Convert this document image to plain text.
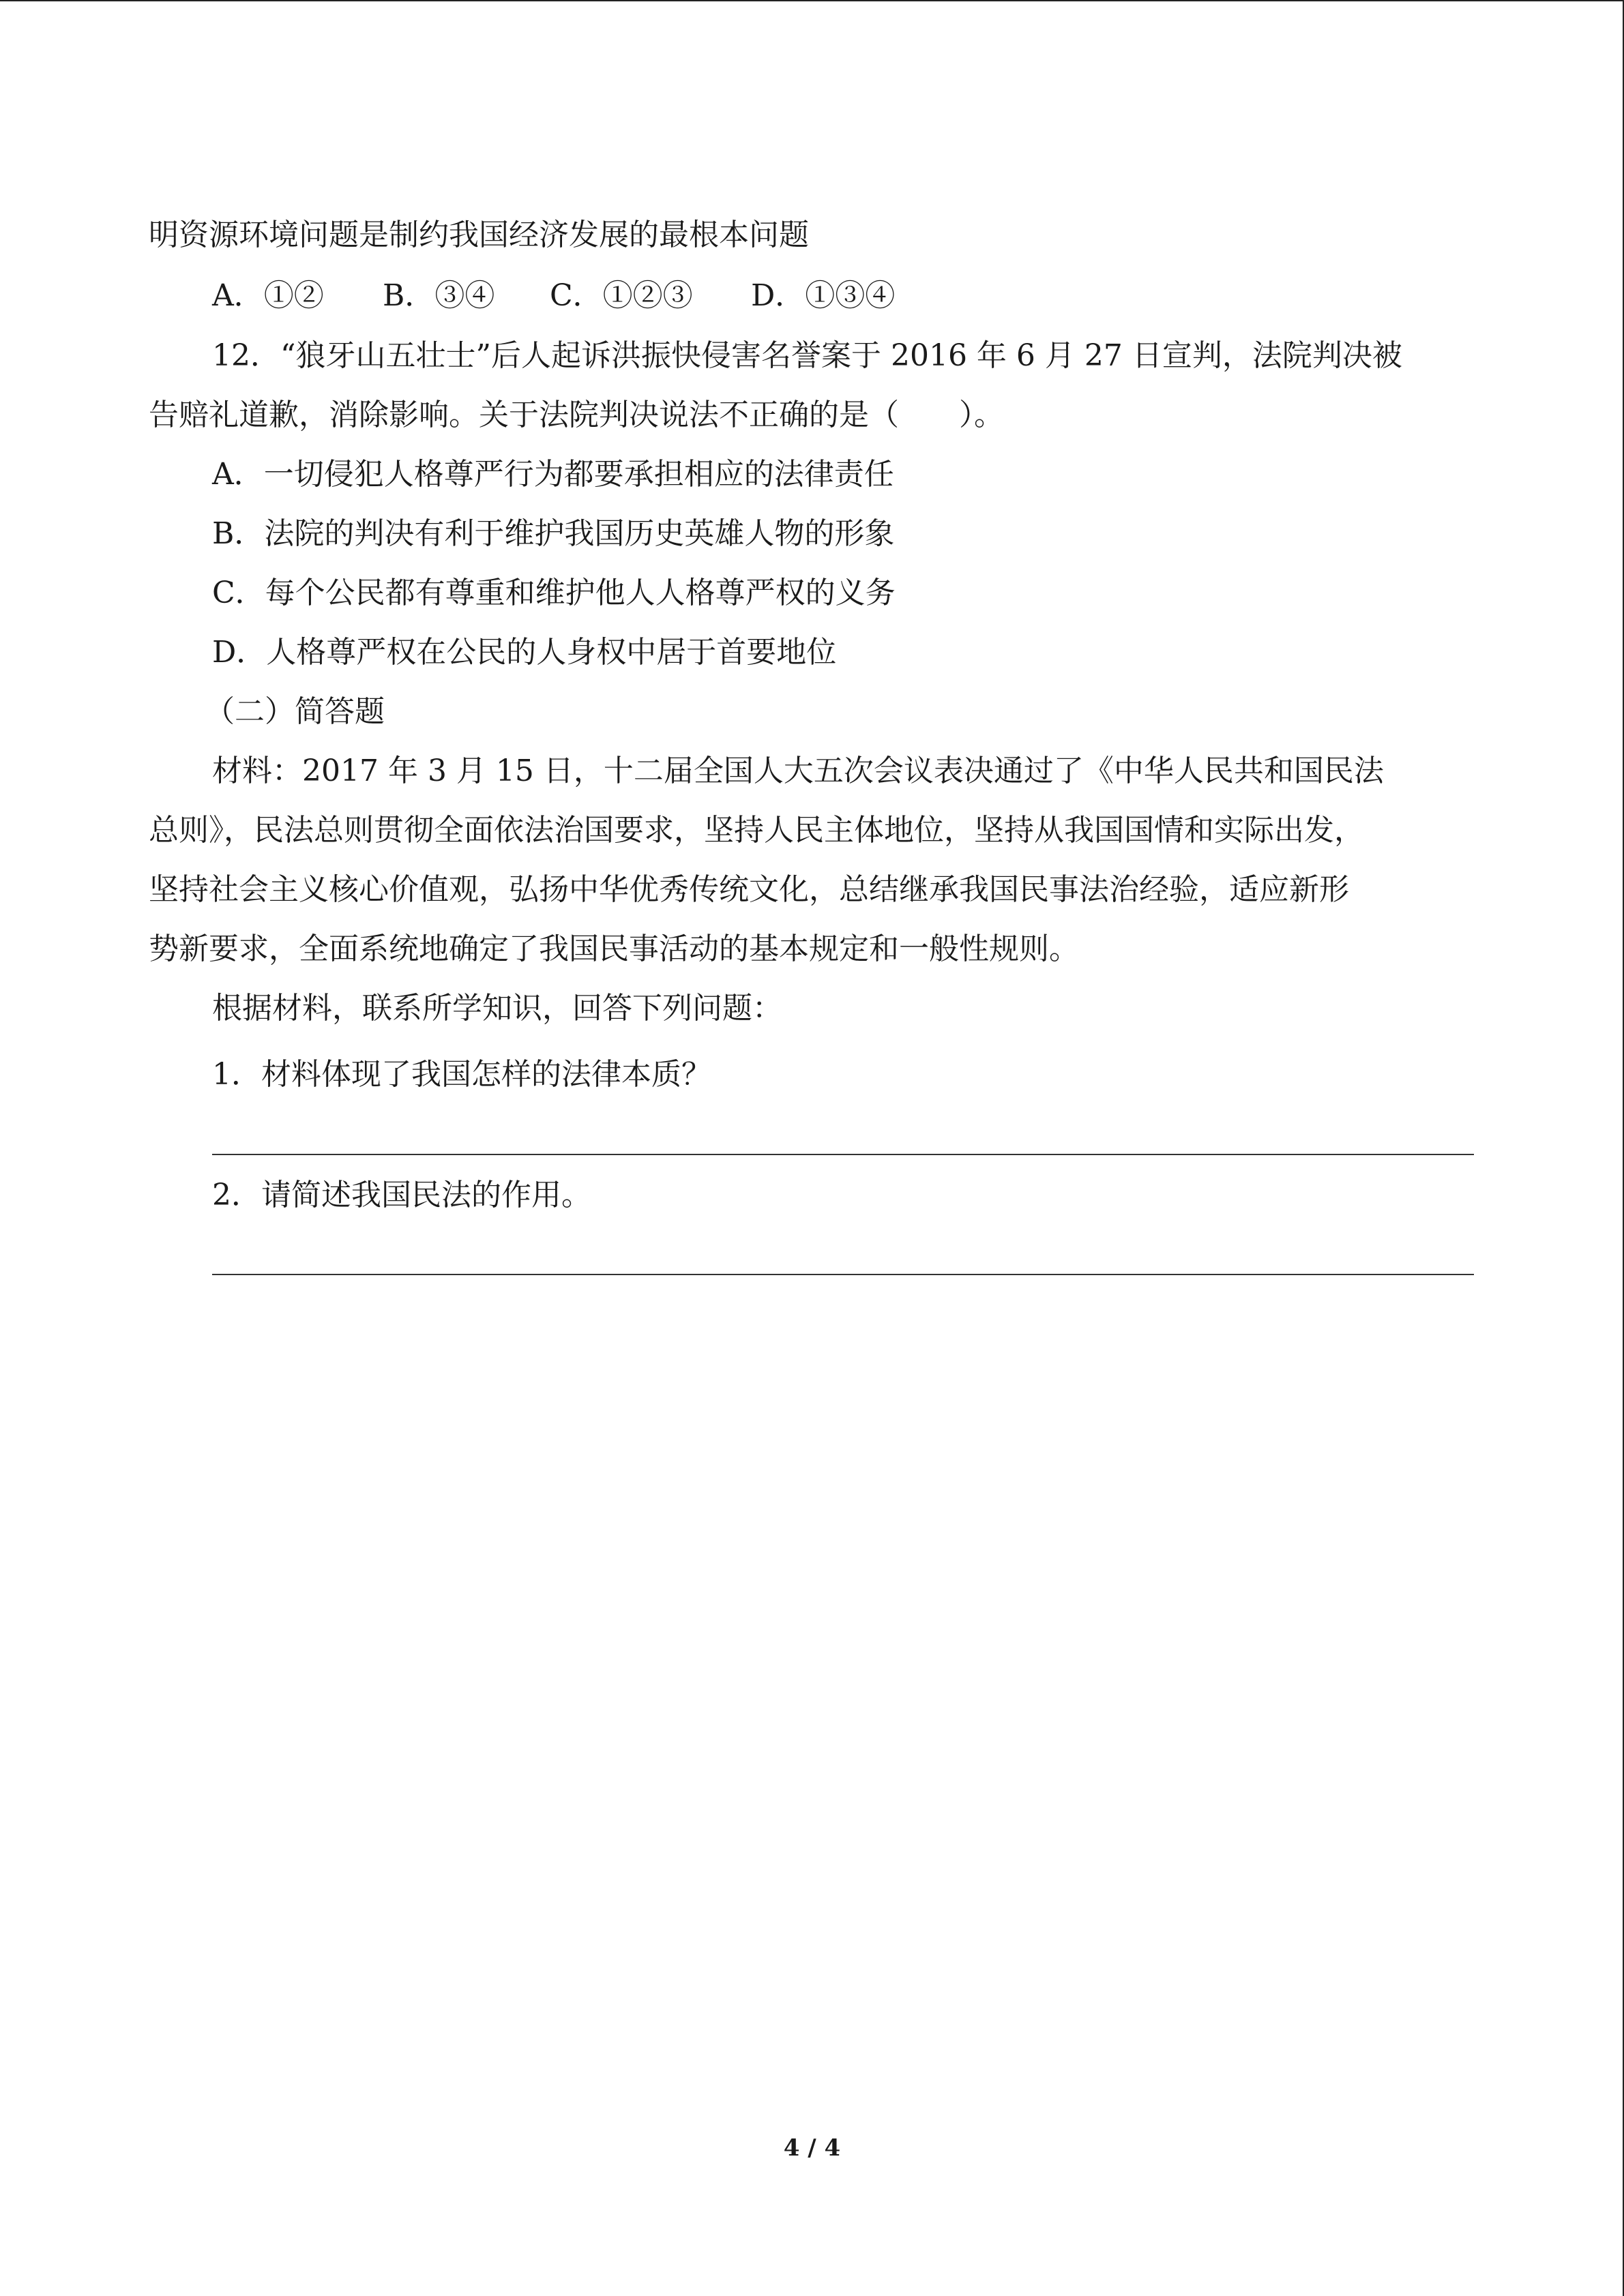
明资源环境问题是制约我国经济发展的最根本问题
A．①② B．③④ C．①②③ D．①③④
12．“狼牙山五壮士”后人起诉洪振快侵害名誉案于 2016 年 6 月 27 日宣判，法院判决被
告赔礼道歉，消除影响。关于法院判决说法不正确的是（　　）。
A．一切侵犯人格尊严行为都要承担相应的法律责任
B．法院的判决有利于维护我国历史英雄人物的形象
C．每个公民都有尊重和维护他人人格尊严权的义务
D．人格尊严权在公民的人身权中居于首要地位
（二）简答题
材料：2017 年 3 月 15 日，十二届全国人大五次会议表决通过了《中华人民共和国民法
总则》，民法总则贯彻全面依法治国要求，坚持人民主体地位，坚持从我国国情和实际出发，
坚持社会主义核心价值观，弘扬中华优秀传统文化，总结继承我国民事法治经验，适应新形
势新要求，全面系统地确定了我国民事活动的基本规定和一般性规则。
根据材料，联系所学知识，回答下列问题：
1．材料体现了我国怎样的法律本质？
2．请简述我国民法的作用。
4 / 4
